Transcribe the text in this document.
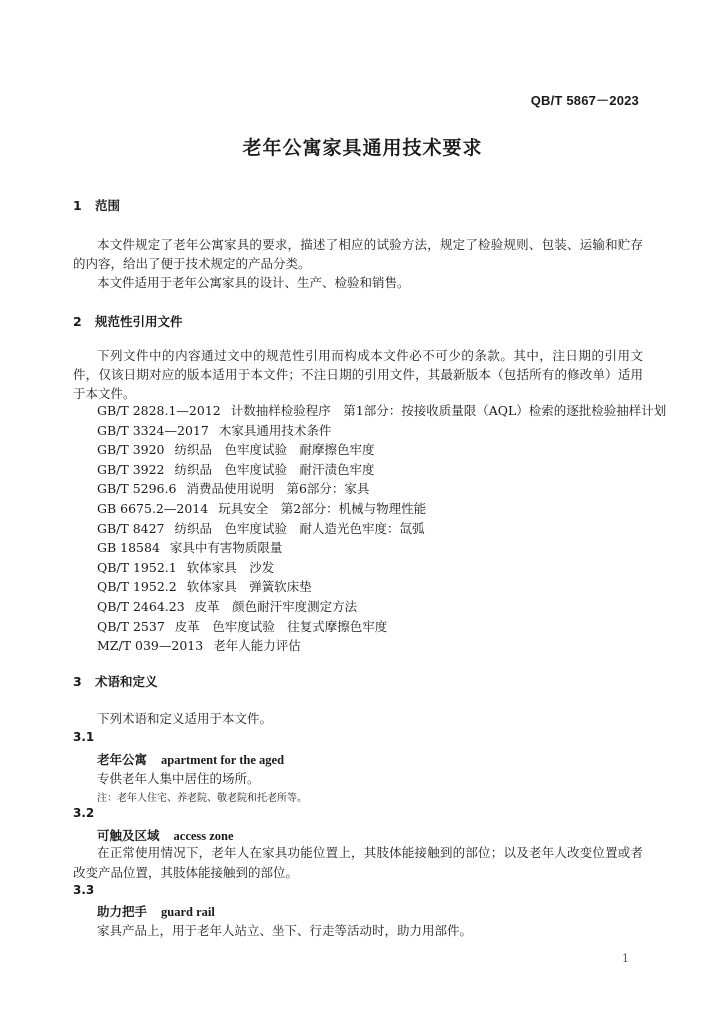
QB/T 5867－2023
老年公寓家具通用技术要求
1 范围
本文件规定了老年公寓家具的要求，描述了相应的试验方法，规定了检验规则、包装、运输和贮存的内容，给出了便于技术规定的产品分类。
本文件适用于老年公寓家具的设计、生产、检验和销售。
2 规范性引用文件
下列文件中的内容通过文中的规范性引用而构成本文件必不可少的条款。其中，注日期的引用文件，仅该日期对应的版本适用于本文件；不注日期的引用文件，其最新版本（包括所有的修改单）适用于本文件。
GB/T 2828.1—2012 计数抽样检验程序　第1部分：按接收质量限（AQL）检索的逐批检验抽样计划
GB/T 3324—2017 木家具通用技术条件
GB/T 3920 纺织品　色牢度试验　耐摩擦色牢度
GB/T 3922 纺织品　色牢度试验　耐汗渍色牢度
GB/T 5296.6 消费品使用说明　第6部分：家具
GB 6675.2—2014 玩具安全　第2部分：机械与物理性能
GB/T 8427 纺织品　色牢度试验　耐人造光色牢度：氙弧
GB 18584 家具中有害物质限量
QB/T 1952.1 软体家具　沙发
QB/T 1952.2 软体家具　弹簧软床垫
QB/T 2464.23 皮革　颜色耐汗牢度测定方法
QB/T 2537 皮革　色牢度试验　往复式摩擦色牢度
MZ/T 039—2013 老年人能力评估
3 术语和定义
下列术语和定义适用于本文件。
3.1
老年公寓 apartment for the aged
专供老年人集中居住的场所。
注：老年人住宅、养老院、敬老院和托老所等。
3.2
可触及区域 access zone
在正常使用情况下，老年人在家具功能位置上，其肢体能接触到的部位；以及老年人改变位置或者改变产品位置，其肢体能接触到的部位。
3.3
助力把手 guard rail
家具产品上，用于老年人站立、坐下、行走等活动时，助力用部件。
1
